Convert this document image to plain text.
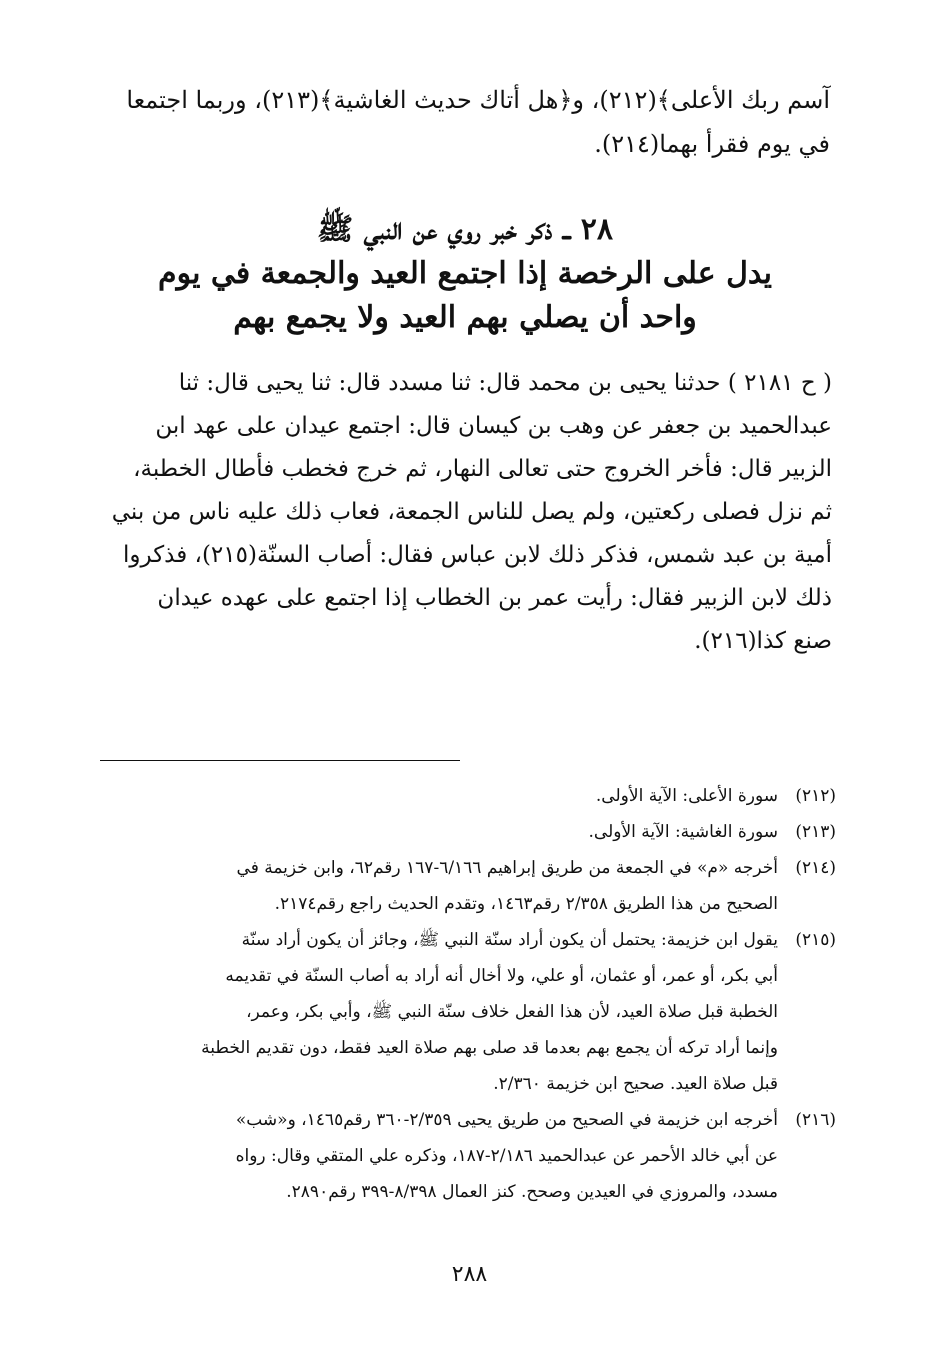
آسم ربك الأعلى﴾(٢١٢)، و﴿هل أتاك حديث الغاشية﴾(٢١٣)، وربما اجتمعا

في يوم فقرأ بهما(٢١٤).

٢٨ ــ ذكر خبر روي عن النبي ﷺ
يدل على الرخصة إذا اجتمع العيد والجمعة في يوم
واحد أن يصلي بهم العيد ولا يجمع بهم

( ح ٢١٨١ ) حدثنا يحيى بن محمد قال: ثنا مسدد قال: ثنا يحيى قال: ثنا

عبدالحميد بن جعفر عن وهب بن كيسان قال: اجتمع عيدان على عهد ابن

الزبير قال: فأخر الخروج حتى تعالى النهار، ثم خرج فخطب فأطال الخطبة،

ثم نزل فصلى ركعتين، ولم يصل للناس الجمعة، فعاب ذلك عليه ناس من بني

أمية بن عبد شمس، فذكر ذلك لابن عباس فقال: أصاب السنّة(٢١٥)، فذكروا

ذلك لابن الزبير فقال: رأيت عمر بن الخطاب إذا اجتمع على عهده عيدان

صنع كذا(٢١٦).

(٢١٢)
سورة الأعلى: الآية الأولى.
(٢١٣)
سورة الغاشية: الآية الأولى.
(٢١٤)
أخرجه «م» في الجمعة من طريق إبراهيم ٦/١٦٦-١٦٧ رقم٦٢، وابن خزيمة في
الصحيح من هذا الطريق ٢/٣٥٨ رقم١٤٦٣، وتقدم الحديث راجع رقم٢١٧٤.
(٢١٥)
يقول ابن خزيمة: يحتمل أن يكون أراد سنّة النبي ﷺ، وجائز أن يكون أراد سنّة
أبي بكر، أو عمر، أو عثمان، أو علي، ولا أخال أنه أراد به أصاب السنّة في تقديمه
الخطبة قبل صلاة العيد، لأن هذا الفعل خلاف سنّة النبي ﷺ، وأبي بكر، وعمر،
وإنما أراد تركه أن يجمع بهم بعدما قد صلى بهم صلاة العيد فقط، دون تقديم الخطبة
قبل صلاة العيد. صحيح ابن خزيمة ٢/٣٦٠.
(٢١٦)
أخرجه ابن خزيمة في الصحيح من طريق يحيى ٢/٣٥٩-٣٦٠ رقم١٤٦٥، و«شب»
عن أبي خالد الأحمر عن عبدالحميد ٢/١٨٦-١٨٧، وذكره علي المتقي وقال: رواه
مسدد، والمروزي في العيدين وصحح. كنز العمال ٨/٣٩٨-٣٩٩ رقم٢٨٩٠.
٢٨٨
